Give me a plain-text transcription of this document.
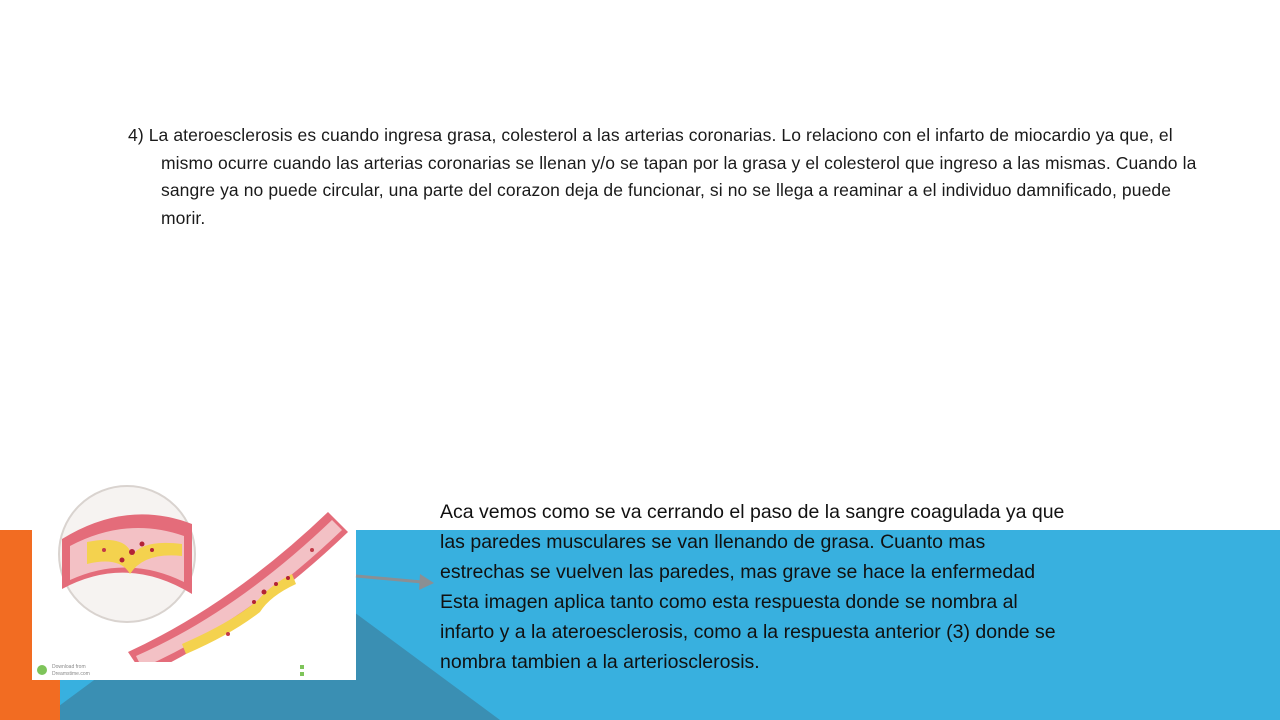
4) La ateroesclerosis es cuando ingresa grasa, colesterol a las arterias coronarias. Lo relaciono con el infarto de miocardio ya que, el mismo ocurre cuando las arterias coronarias se llenan y/o se tapan por la grasa y el colesterol que ingreso a las mismas. Cuando la sangre ya no puede circular, una parte del corazon deja de funcionar, si no se llega a reaminar a el individuo damnificado, puede morir.

Download from
Dreamstime.com
Aca vemos como se va cerrando el paso de la sangre coagulada ya que
las paredes musculares se van llenando de grasa. Cuanto mas
estrechas se vuelven las paredes, mas grave se hace la enfermedad
Esta imagen aplica tanto como esta respuesta donde se nombra al
infarto y a la ateroesclerosis, como a la respuesta anterior (3) donde se
nombra tambien a la arteriosclerosis.
